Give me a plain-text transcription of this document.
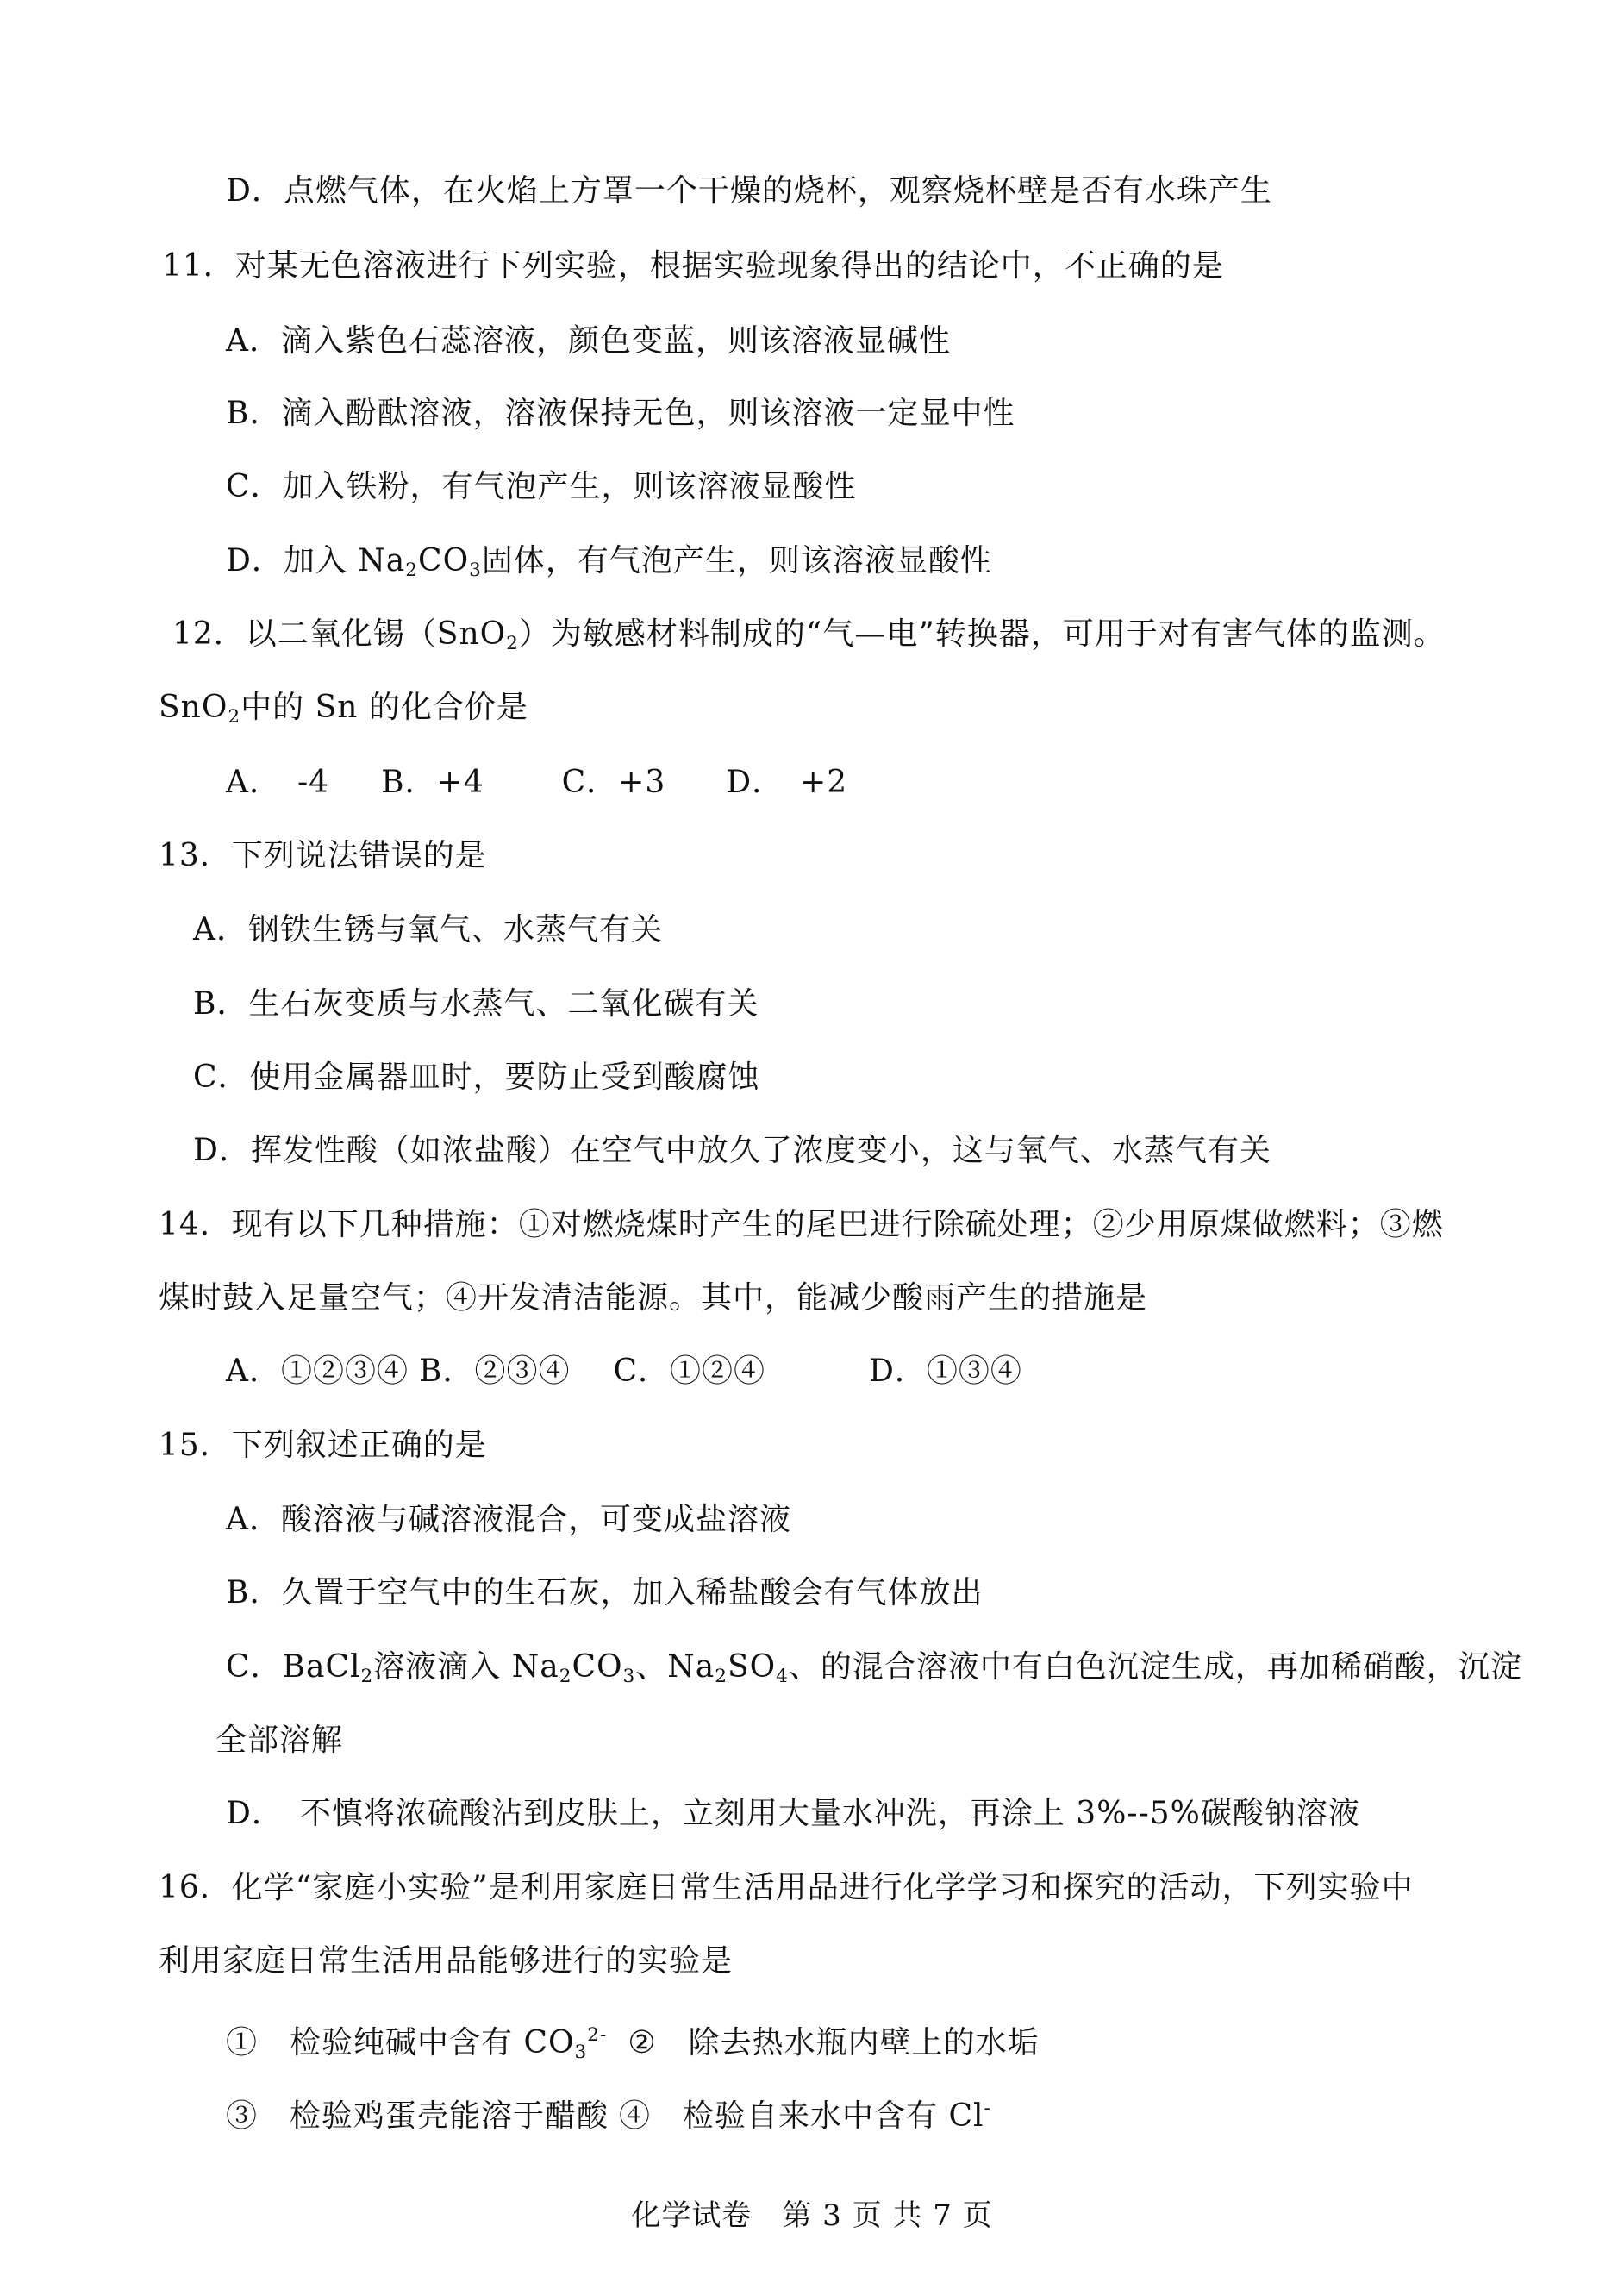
D．点燃气体，在火焰上方罩一个干燥的烧杯，观察烧杯壁是否有水珠产生
11．对某无色溶液进行下列实验，根据实验现象得出的结论中，不正确的是
A．滴入紫色石蕊溶液，颜色变蓝，则该溶液显碱性
B．滴入酚酞溶液，溶液保持无色，则该溶液一定显中性
C．加入铁粉，有气泡产生，则该溶液显酸性
D．加入 $Na_2CO_3$固体，有气泡产生，则该溶液显酸性
12．以二氧化锡（SnO$_2$）为敏感材料制成的“气—电”转换器，可用于对有害气体的监测。
SnO$_2$中的 Sn 的化合价是
A．　-4 B．+4	C．+3 D．　+2
13．下列说法错误的是
A．钢铁生锈与氧气、水蒸气有关
B．生石灰变质与水蒸气、二氧化碳有关
C．使用金属器皿时，要防止受到酸腐蚀
D．挥发性酸（如浓盐酸）在空气中放久了浓度变小，这与氧气、水蒸气有关
14．现有以下几种措施：①对燃烧煤时产生的尾巴进行除硫处理；②少用原煤做燃料；③燃
煤时鼓入足量空气；④开发清洁能源。其中，能减少酸雨产生的措施是
A．①②③④ B．②③④ C．①②④	D．①③④
15．下列叙述正确的是
A．酸溶液与碱溶液混合，可变成盐溶液
B．久置于空气中的生石灰，加入稀盐酸会有气体放出
C．BaCl$_2$溶液滴入 $Na_2CO_3$、$Na_2SO_4$、的混合溶液中有白色沉淀生成，再加稀硝酸，沉淀
全部溶解
D．　不慎将浓硫酸沾到皮肤上，立刻用大量水冲洗，再涂上 3%--5%碳酸钠溶液
16．化学“家庭小实验”是利用家庭日常生活用品进行化学学习和探究的活动，下列实验中
利用家庭日常生活用品能够进行的实验是
①　检验纯碱中含有 $CO_3^{2-}$ ②　除去热水瓶内壁上的水垢
③　检验鸡蛋壳能溶于醋酸 ④　检验自来水中含有 Cl-
化学试卷　第 3 页 共 7 页
